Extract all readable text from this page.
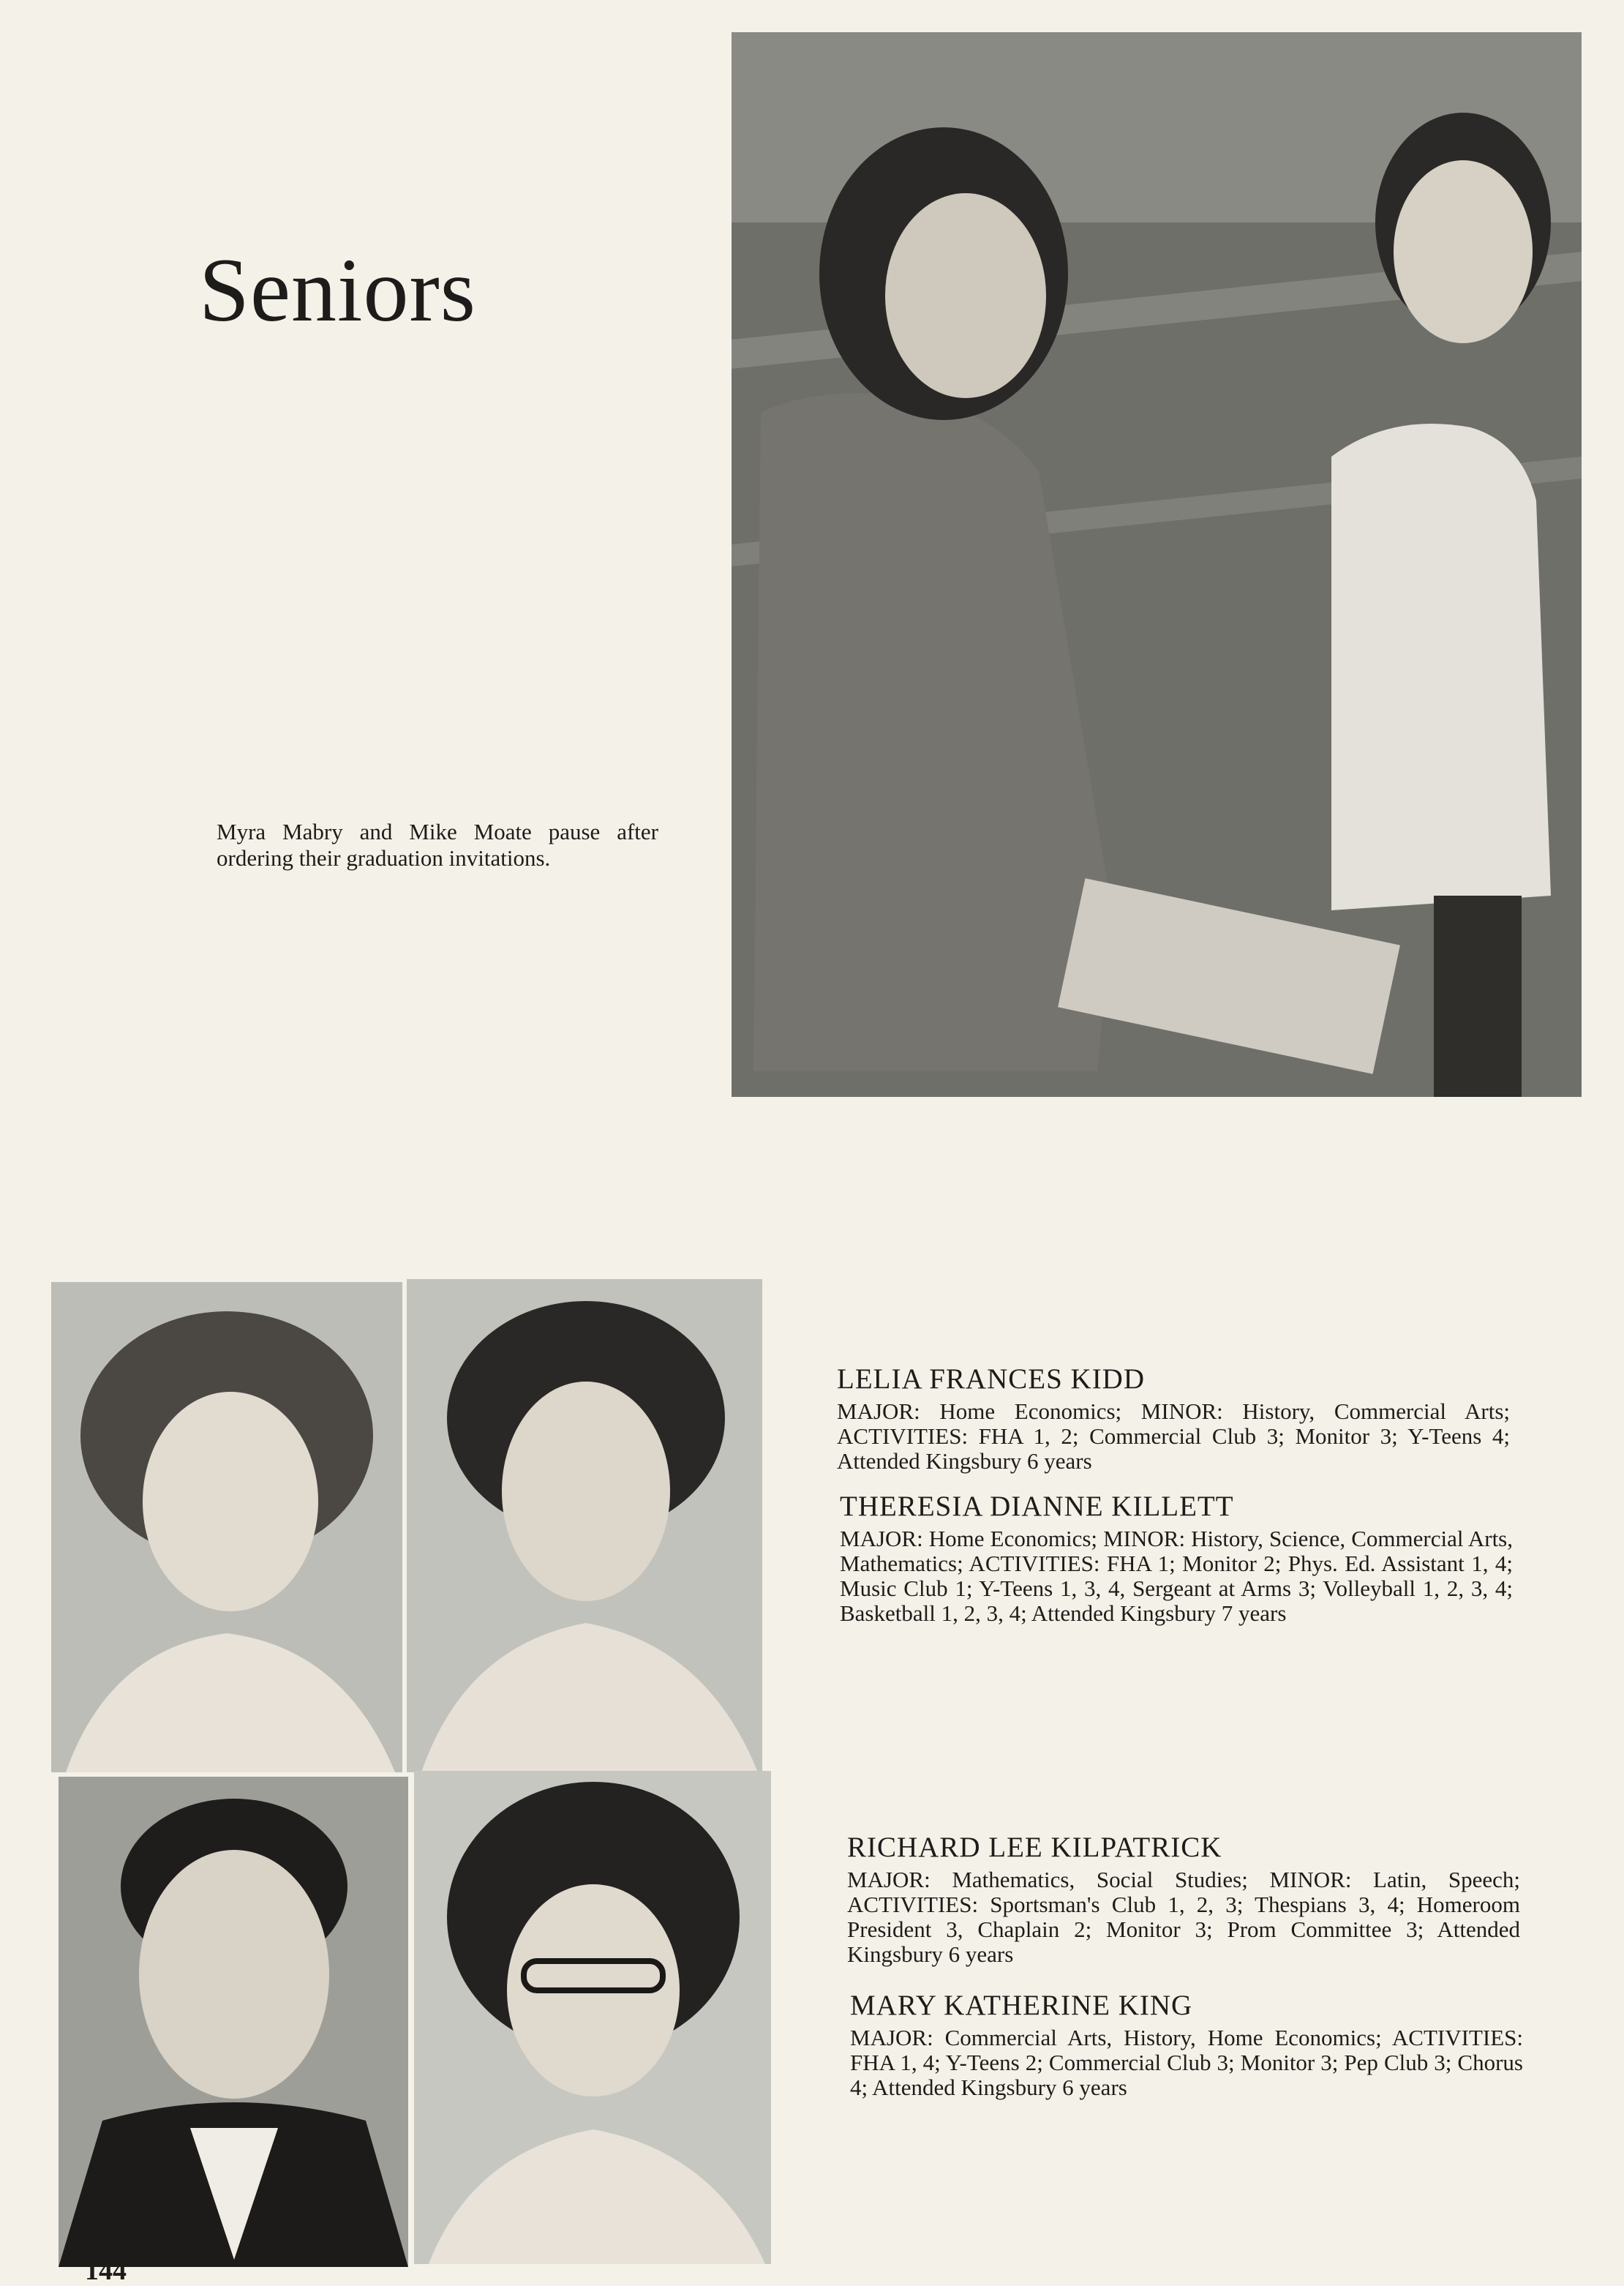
Seniors

Myra Mabry and Mike Moate pause after ordering their graduation invitations.

LELIA FRANCES KIDD
MAJOR: Home Economics; MINOR: History, Commercial Arts; ACTIVITIES: FHA 1, 2; Commercial Club 3; Monitor 3; Y-Teens 4; Attended Kingsbury 6 years
THERESIA DIANNE KILLETT
MAJOR: Home Economics; MINOR: History, Science, Commercial Arts, Mathematics; ACTIVITIES: FHA 1; Monitor 2; Phys. Ed. Assistant 1, 4; Music Club 1; Y-Teens 1, 3, 4, Sergeant at Arms 3; Volleyball 1, 2, 3, 4; Basketball 1, 2, 3, 4; Attended Kingsbury 7 years
RICHARD LEE KILPATRICK
MAJOR: Mathematics, Social Studies; MINOR: Latin, Speech; ACTIVITIES: Sportsman's Club 1, 2, 3; Thespians 3, 4; Homeroom President 3, Chaplain 2; Monitor 3; Prom Committee 3; Attended Kingsbury 6 years
MARY KATHERINE KING
MAJOR: Commercial Arts, History, Home Economics; ACTIVITIES: FHA 1, 4; Y-Teens 2; Commercial Club 3; Monitor 3; Pep Club 3; Chorus 4; Attended Kingsbury 6 years
144
